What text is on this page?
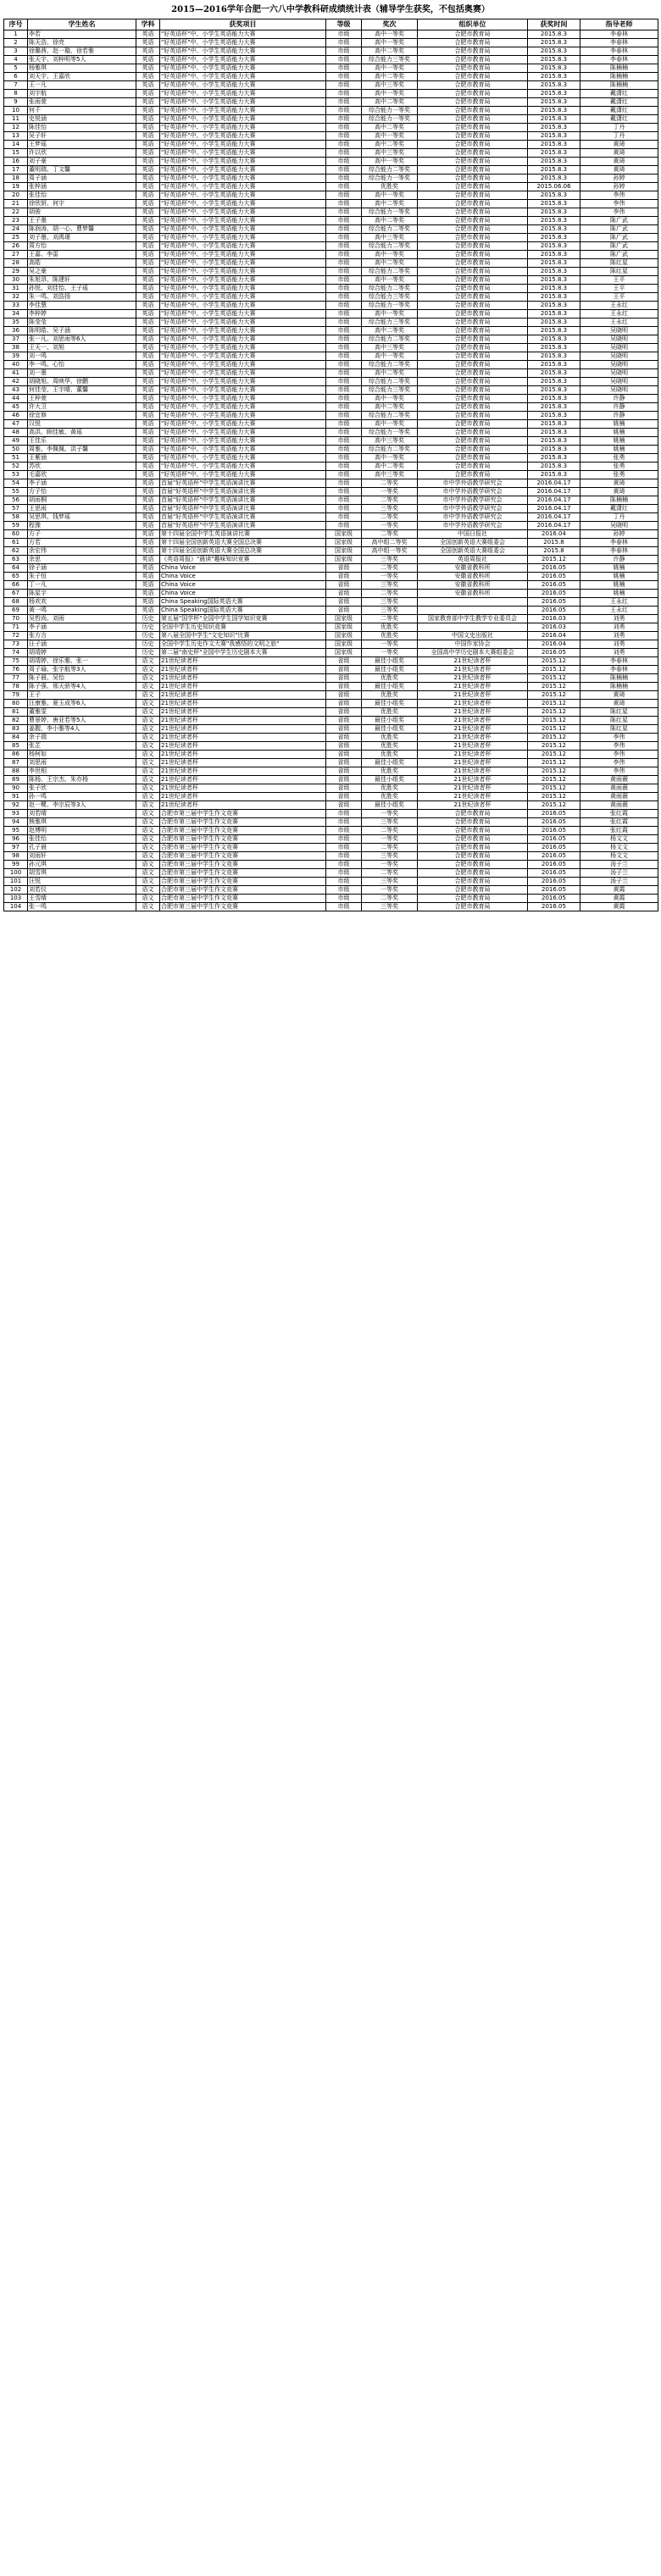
2015—2016学年合肥一六八中学教科研成绩统计表（辅导学生获奖，不包括奥赛）
序号	学生姓名	学科	获奖项目	等级	奖次	组织单位	获奖时间	指导老师
1	李若	英语	"好英语杯"中、小学生英语能力大赛	市级	高中一等奖	合肥市教育局	2015.8.3	李春林
2	陈天浩、徐亮	英语	"好英语杯"中、小学生英语能力大赛	市级	高中一等奖	合肥市教育局	2015.8.3	李春林
3	徐璐茜、赵一璇、徐若雅	英语	"好英语杯"中、小学生英语能力大赛	市级	高中二等奖	合肥市教育局	2015.8.3	李春林
4	张天宇、刘梓明等5人	英语	"好英语杯"中、小学生英语能力大赛	市级	综合能力三等奖	合肥市教育局	2015.8.3	李春林
5	杨雅琪	英语	"好英语杯"中、小学生英语能力大赛	市级	高中一等奖	合肥市教育局	2015.8.3	陈楠楠
6	刘天宇、王嘉欣	英语	"好英语杯"中、小学生英语能力大赛	市级	高中二等奖	合肥市教育局	2015.8.3	陈楠楠
7	王一凡	英语	"好英语杯"中、小学生英语能力大赛	市级	高中三等奖	合肥市教育局	2015.8.3	陈楠楠
8	刘宇航	英语	"好英语杯"中、小学生英语能力大赛	市级	高中一等奖	合肥市教育局	2015.8.3	戴潇红
9	张雨萱	英语	"好英语杯"中、小学生英语能力大赛	市级	高中二等奖	合肥市教育局	2015.8.3	戴潇红
10	何千	英语	"好英语杯"中、小学生英语能力大赛	市级	综合能力一等奖	合肥市教育局	2015.8.3	戴潇红
11	史悦涵	英语	"好英语杯"中、小学生英语能力大赛	市级	综合能力一等奖	合肥市教育局	2015.8.3	戴潇红
12	陈佳怡	英语	"好英语杯"中、小学生英语能力大赛	市级	高中二等奖	合肥市教育局	2015.8.3	丁丹
13	吴子轩	英语	"好英语杯"中、小学生英语能力大赛	市级	高中一等奖	合肥市教育局	2015.8.3	丁丹
14	王梦瑶	英语	"好英语杯"中、小学生英语能力大赛	市级	高中二等奖	合肥市教育局	2015.8.3	黄琦
15	许以欣	英语	"好英语杯"中、小学生英语能力大赛	市级	高中三等奖	合肥市教育局	2015.8.3	黄琦
16	刘子豪	英语	"好英语杯"中、小学生英语能力大赛	市级	高中一等奖	合肥市教育局	2015.8.3	黄琦
17	董明瑞、丁文馨	英语	"好英语杯"中、小学生英语能力大赛	市级	综合能力二等奖	合肥市教育局	2015.8.3	黄琦
18	周子涵	英语	"好英语杯"中、小学生英语能力大赛	市级	综合能力一等奖	合肥市教育局	2015.8.3	孙婷
19	张梓涵	英语	"好英语杯"中、小学生英语能力大赛	市级	优胜奖	合肥市教育局	2015.06.06	孙婷
20	张佳怡	英语	"好英语杯"中、小学生英语能力大赛	市级	高中一等奖	合肥市教育局	2015.8.3	李伟
21	徐欣妍、何宇	英语	"好英语杯"中、小学生英语能力大赛	市级	高中二等奖	合肥市教育局	2015.8.3	李伟
22	胡骏	英语	"好英语杯"中、小学生英语能力大赛	市级	综合能力一等奖	合肥市教育局	2015.8.3	李伟
23	王子墨	英语	"好英语杯"中、小学生英语能力大赛	市级	高中二等奖	合肥市教育局	2015.8.3	陈广武
24	陈润涛、胡一心、曹梦馨	英语	"好英语杯"中、小学生英语能力大赛	市级	综合能力二等奖	合肥市教育局	2015.8.3	陈广武
25	刘子墨、刘禹璟	英语	"好英语杯"中、小学生英语能力大赛	市级	高中三等奖	合肥市教育局	2015.8.3	陈广武
26	周方怡	英语	"好英语杯"中、小学生英语能力大赛	市级	综合能力二等奖	合肥市教育局	2015.8.3	陈广武
27	王嘉、李雷	英语	"好英语杯"中、小学生英语能力大赛	市级	高中一等奖	合肥市教育局	2015.8.3	陈广武
28	高皓	英语	"好英语杯"中、小学生英语能力大赛	市级	高中二等奖	合肥市教育局	2015.8.3	陈红星
29	吴之豪	英语	"好英语杯"中、小学生英语能力大赛	市级	综合能力二等奖	合肥市教育局	2015.8.3	陈红星
30	朱旭昂、陈建轩	英语	"好英语杯"中、小学生英语能力大赛	市级	高中一等奖	合肥市教育局	2015.8.3	王平
31	孙悦、刘佳怡、王子瑶	英语	"好英语杯"中、小学生英语能力大赛	市级	综合能力二等奖	合肥市教育局	2015.8.3	王平
32	朱一鸣、刘浩扬	英语	"好英语杯"中、小学生英语能力大赛	市级	综合能力三等奖	合肥市教育局	2015.8.3	王平
33	李佳慧	英语	"好英语杯"中、小学生英语能力大赛	市级	综合能力一等奖	合肥市教育局	2015.8.3	王永红
34	李梓婷	英语	"好英语杯"中、小学生英语能力大赛	市级	高中一等奖	合肥市教育局	2015.8.3	王永红
35	陈莹莹	英语	"好英语杯"中、小学生英语能力大赛	市级	综合能力三等奖	合肥市教育局	2015.8.3	王永红
36	陈明皓、吴子涵	英语	"好英语杯"中、小学生英语能力大赛	市级	高中二等奖	合肥市教育局	2015.8.3	吴晓明
37	张一凡、刘思雨等6人	英语	"好英语杯"中、小学生英语能力大赛	市级	综合能力二等奖	合肥市教育局	2015.8.3	吴晓明
38	王天一、刘旭	英语	"好英语杯"中、小学生英语能力大赛	市级	高中三等奖	合肥市教育局	2015.8.3	吴晓明
39	刘一鸣	英语	"好英语杯"中、小学生英语能力大赛	市级	高中一等奖	合肥市教育局	2015.8.3	吴晓明
40	李一鸣、心怡	英语	"好英语杯"中、小学生英语能力大赛	市级	综合能力二等奖	合肥市教育局	2015.8.3	吴晓明
41	刘一墨	英语	"好英语杯"中、小学生英语能力大赛	市级	高中二等奖	合肥市教育局	2015.8.3	吴晓明
42	胡晓旭、周映华、徐鹏	英语	"好英语杯"中、小学生英语能力大赛	市级	综合能力二等奖	合肥市教育局	2015.8.3	吴晓明
43	何佳莹、王宇晴、董馨	英语	"好英语杯"中、小学生英语能力大赛	市级	综合能力三等奖	合肥市教育局	2015.8.3	吴晓明
44	王梓萱	英语	"好英语杯"中、小学生英语能力大赛	市级	高中一等奖	合肥市教育局	2015.8.3	许静
45	许大卫	英语	"好英语杯"中、小学生英语能力大赛	市级	高中二等奖	合肥市教育局	2015.8.3	许静
46	徐宜修	英语	"好英语杯"中、小学生英语能力大赛	市级	综合能力二等奖	合肥市教育局	2015.8.3	许静
47	汉悦	英语	"好英语杯"中、小学生英语能力大赛	市级	高中一等奖	合肥市教育局	2015.8.3	姚楠
48	高洪、顾佳敏、黄瑶	英语	"好英语杯"中、小学生英语能力大赛	市级	综合能力一等奖	合肥市教育局	2015.8.3	姚楠
49	王佳乐	英语	"好英语杯"中、小学生英语能力大赛	市级	高中三等奖	合肥市教育局	2015.8.3	姚楠
50	周雅、李佩佩、洪子馨	英语	"好英语杯"中、小学生英语能力大赛	市级	综合能力二等奖	合肥市教育局	2015.8.3	姚楠
51	王紫涵	英语	"好英语杯"中、小学生英语能力大赛	市级	高中一等奖	合肥市教育局	2015.8.3	张勇
52	苏欣	英语	"好英语杯"中、小学生英语能力大赛	市级	高中二等奖	合肥市教育局	2015.8.3	张勇
53	毛嘉欣	英语	"好英语杯"中、小学生英语能力大赛	市级	高中三等奖	合肥市教育局	2015.8.3	张勇
54	李子涵	英语	首届"好英语杯"中学生英语演讲比赛	市级	二等奖	市中学外语教学研究会	2016.04.17	黄琦
55	方子怡	英语	首届"好英语杯"中学生英语演讲比赛	市级	一等奖	市中学外语教学研究会	2016.04.17	黄琦
56	胡雨桐	英语	首届"好英语杯"中学生英语演讲比赛	市级	二等奖	市中学外语教学研究会	2016.04.17	陈楠楠
57	王思雨	英语	首届"好英语杯"中学生英语演讲比赛	市级	三等奖	市中学外语教学研究会	2016.04.17	戴潇红
58	吴思琪、钱梦瑶	英语	首届"好英语杯"中学生英语演讲比赛	市级	二等奖	市中学外语教学研究会	2016.04.17	丁丹
59	程豫	英语	首届"好英语杯"中学生英语演讲比赛	市级	一等奖	市中学外语教学研究会	2016.04.17	吴晓明
60	方子	英语	第十四届全国中学生英语演讲比赛	国家级	二等奖	中国日报社	2016.04	孙婷
61	方若	英语	第十四届全国创新英语大赛全国总决赛	国家级	高中组二等奖	全国创新英语大赛组委会	2015.8	李春林
62	余宏伟	英语	第十四届全国创新英语大赛全国总决赛	国家级	高中组一等奖	全国创新英语大赛组委会	2015.8	李春林
63	余思	英语	《英语周报》"晨读"趣味知识竞赛	国家级	三等奖	英语周报社	2015.12	许静
64	徐子涵	英语	China Voice	省级	二等奖	安徽省教科所	2016.05	姚楠
65	朱子恒	英语	China Voice	省级	一等奖	安徽省教科所	2016.05	姚楠
66	丁一凡	英语	China Voice	省级	三等奖	安徽省教科所	2016.05	姚楠
67	陈星宇	英语	China Voice	省级	二等奖	安徽省教科所	2016.05	姚楠
68	杨欢欢	英语	China Speaking国际英语大赛	省级	三等奖		2016.05	王永红
69	黄一鸣	英语	China Speaking国际英语大赛	省级	三等奖		2016.05	王永红
70	吴哲尚、刘雨	历史	第五届"国学杯"全国中学生国学知识竞赛	国家级	二等奖	国家教育部中学生教学专业委员会	2016.03	刘勇
71	李子涵	历史	全国中学生历史知识竞赛	国家级	优胜奖		2016.03	刘勇
72	张方言	历史	第八届全国中学生"文史知识"比赛	国家级	优胜奖	中国文史出版社	2016.04	刘勇
73	汪子涵	历史	全国中学生历史作文大赛"我感悟的文明之旅"	国家级	一等奖	中国作家协会	2016.04	刘勇
74	胡靖婷	历史	第二届"南史杯"全国中学生历史剧本大赛	国家级	一等奖	全国高中学历史剧本大赛组委会	2016.05	刘勇
75	胡靖婷、徐乐雅、张一	语文	21世纪读者杯	省级	最佳小组奖	21世纪读者杯	2015.12	李春林
76	周子瑜、张宇航等3人	语文	21世纪读者杯	省级	最佳小组奖	21世纪读者杯	2015.12	李春林
77	陈子晨、吴怡	语文	21世纪读者杯	省级	优胜奖	21世纪读者杯	2015.12	陈楠楠
78	陈子强、邢天骄等4人	语文	21世纪读者杯	省级	最佳小组奖	21世纪读者杯	2015.12	陈楠楠
79	王子	语文	21世纪读者杯	省级	优胜奖	21世纪读者杯	2015.12	黄琦
80	汪康雅、夏玉成等6人	语文	21世纪读者杯	省级	最佳小组奖	21世纪读者杯	2015.12	黄琦
81	董雅雯	语文	21世纪读者杯	省级	优胜奖	21世纪读者杯	2015.12	陈红星
82	曹景婷、唐亚若等5人	语文	21世纪读者杯	省级	最佳小组奖	21世纪读者杯	2015.12	陈红星
83	姜靓、李小雅等4人	语文	21世纪读者杯	省级	最佳小组奖	21世纪读者杯	2015.12	陈红星
84	余子瑞	语文	21世纪读者杯	省级	优胜奖	21世纪读者杯	2015.12	李伟
85	张芷	语文	21世纪读者杯	省级	优胜奖	21世纪读者杯	2015.12	李伟
86	杨柯如	语文	21世纪读者杯	省级	优胜奖	21世纪读者杯	2015.12	李伟
87	刘思雨	语文	21世纪读者杯	省级	最佳小组奖	21世纪读者杯	2015.12	李伟
88	李世相	语文	21世纪读者杯	省级	优胜奖	21世纪读者杯	2015.12	李伟
89	陈杨、王宗杰、朱亦杨	语文	21世纪读者杯	省级	最佳小组奖	21世纪读者杯	2015.12	黄雨薇
90	张子欣	语文	21世纪读者杯	省级	优胜奖	21世纪读者杯	2015.12	黄雨薇
91	孙一鸣	语文	21世纪读者杯	省级	优胜奖	21世纪读者杯	2015.12	黄雨薇
92	赵一鹭、李宗辰等3人	语文	21世纪读者杯	省级	最佳小组奖	21世纪读者杯	2015.12	黄雨薇
93	刘若晴	语文	合肥市第三届中学生作文竞赛	市级	一等奖	合肥市教育局	2016.05	张红霞
94	熊雅琪	语文	合肥市第三届中学生作文竞赛	市级	三等奖	合肥市教育局	2016.05	张红霞
95	赵博明	语文	合肥市第三届中学生作文竞赛	市级	二等奖	合肥市教育局	2016.05	张红霞
96	张佳怡	语文	合肥市第三届中学生作文竞赛	市级	一等奖	合肥市教育局	2016.05	杨文文
97	孔子晨	语文	合肥市第三届中学生作文竞赛	市级	二等奖	合肥市教育局	2016.05	杨文文
98	刘雨轩	语文	合肥市第三届中学生作文竞赛	市级	三等奖	合肥市教育局	2016.05	杨文文
99	孙元琪	语文	合肥市第三届中学生作文竞赛	市级	一等奖	合肥市教育局	2016.05	汤子兰
100	胡雪琪	语文	合肥市第三届中学生作文竞赛	市级	二等奖	合肥市教育局	2016.05	汤子兰
101	汪悦	语文	合肥市第三届中学生作文竞赛	市级	三等奖	合肥市教育局	2016.05	汤子兰
102	刘若仪	语文	合肥市第三届中学生作文竞赛	市级	一等奖	合肥市教育局	2016.05	黄霞
103	王雪晴	语文	合肥市第三届中学生作文竞赛	市级	二等奖	合肥市教育局	2016.05	黄霞
104	张一鸣	语文	合肥市第三届中学生作文竞赛	市级	三等奖	合肥市教育局	2016.05	黄霞
